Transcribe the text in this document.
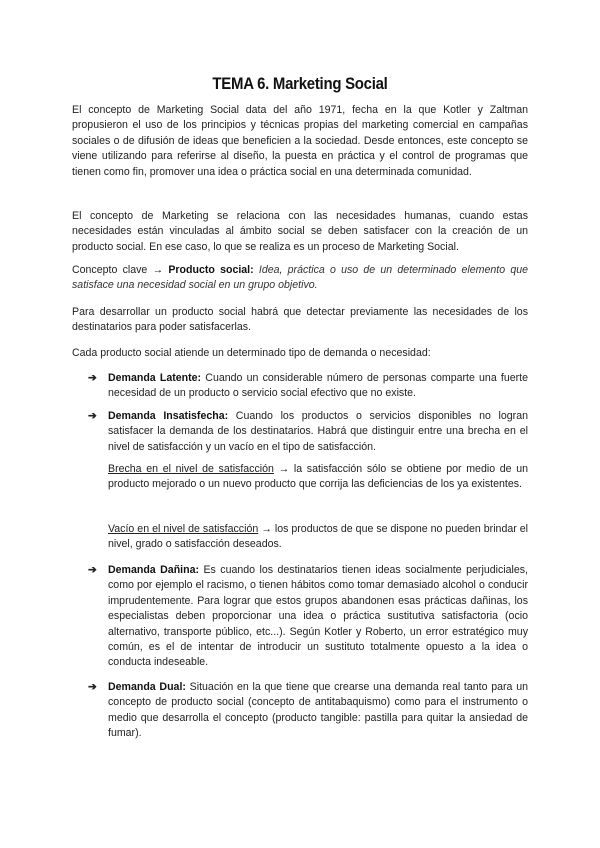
TEMA 6. Marketing Social

El concepto de Marketing Social data del año 1971, fecha en la que Kotler y Zaltman propusieron el uso de los principios y técnicas propias del marketing comercial en campañas sociales o de difusión de ideas que beneficien a la sociedad. Desde entonces, este concepto se viene utilizando para referirse al diseño, la puesta en práctica y el control de programas que tienen como fin, promover una idea o práctica social en una determinada comunidad.

El concepto de Marketing se relaciona con las necesidades humanas, cuando estas necesidades están vinculadas al ámbito social se deben satisfacer con la creación de un producto social. En ese caso, lo que se realiza es un proceso de Marketing Social.

Concepto clave → Producto social: Idea, práctica o uso de un determinado elemento que satisface una necesidad social en un grupo objetivo.

Para desarrollar un producto social habrá que detectar previamente las necesidades de los destinatarios para poder satisfacerlas.

Cada producto social atiende un determinado tipo de demanda o necesidad:

➔ Demanda Latente: Cuando un considerable número de personas comparte una fuerte necesidad de un producto o servicio social efectivo que no existe.

➔ Demanda Insatisfecha: Cuando los productos o servicios disponibles no logran satisfacer la demanda de los destinatarios. Habrá que distinguir entre una brecha en el nivel de satisfacción y un vacío en el tipo de satisfacción.

Brecha en el nivel de satisfacción → la satisfacción sólo se obtiene por medio de un producto mejorado o un nuevo producto que corrija las deficiencias de los ya existentes.

Vacío en el nivel de satisfacción → los productos de que se dispone no pueden brindar el nivel, grado o satisfacción deseados.

➔ Demanda Dañina: Es cuando los destinatarios tienen ideas socialmente perjudiciales, como por ejemplo el racismo, o tienen hábitos como tomar demasiado alcohol o conducir imprudentemente. Para lograr que estos grupos abandonen esas prácticas dañinas, los especialistas deben proporcionar una idea o práctica sustitutiva satisfactoria (ocio alternativo, transporte público, etc...). Según Kotler y Roberto, un error estratégico muy común, es el de intentar de introducir un sustituto totalmente opuesto a la idea o conducta indeseable.

➔ Demanda Dual: Situación en la que tiene que crearse una demanda real tanto para un concepto de producto social (concepto de antitabaquismo) como para el instrumento o medio que desarrolla el concepto (producto tangible: pastilla para quitar la ansiedad de fumar).
